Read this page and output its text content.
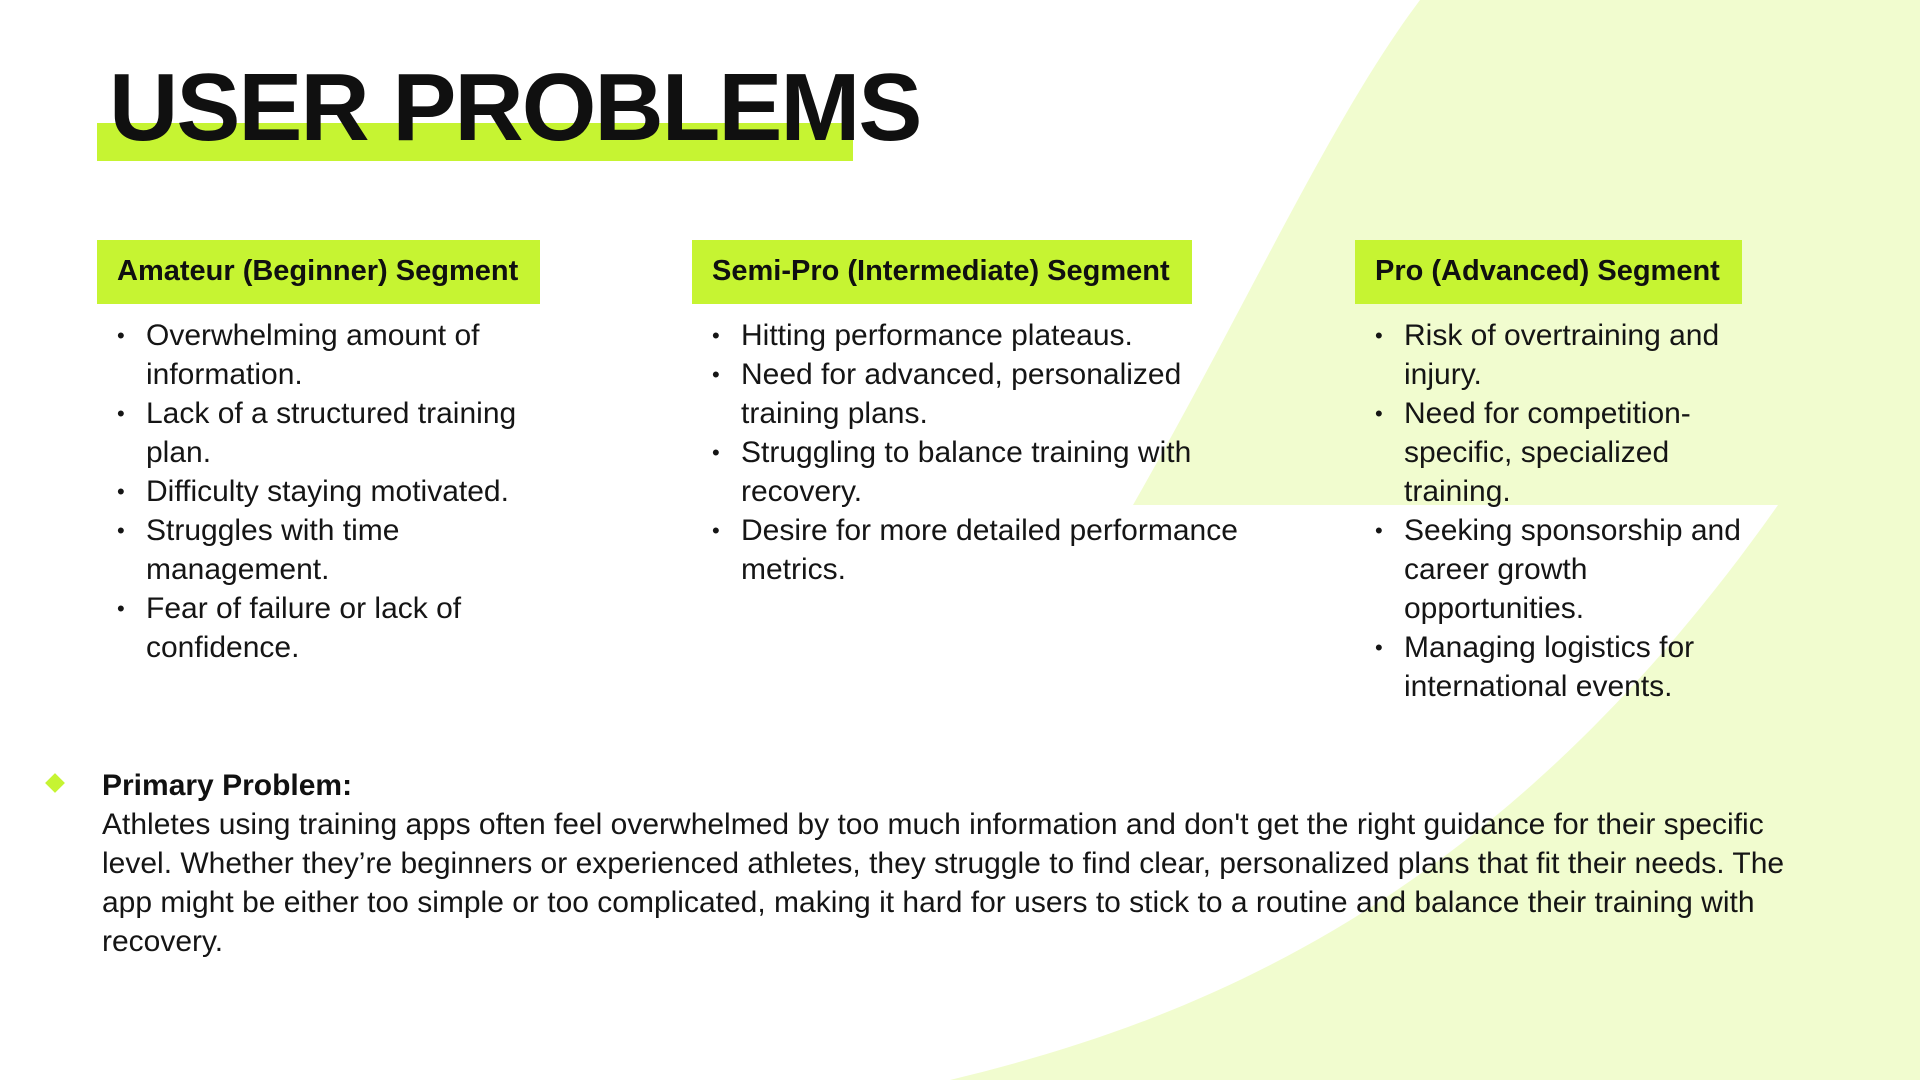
USER PROBLEMS
Amateur (Beginner) Segment
• Overwhelming amount of information.
• Lack of a structured training plan.
• Difficulty staying motivated.
• Struggles with time management.
• Fear of failure or lack of confidence.
Semi-Pro (Intermediate) Segment
• Hitting performance plateaus.
• Need for advanced, personalized training plans.
• Struggling to balance training with recovery.
• Desire for more detailed performance metrics.
Pro (Advanced) Segment
• Risk of overtraining and injury.
• Need for competition-specific, specialized training.
• Seeking sponsorship and career growth opportunities.
• Managing logistics for international events.
Primary Problem:
Athletes using training apps often feel overwhelmed by too much information and don't get the right guidance for their specific level. Whether they’re beginners or experienced athletes, they struggle to find clear, personalized plans that fit their needs. The app might be either too simple or too complicated, making it hard for users to stick to a routine and balance their training with recovery.
